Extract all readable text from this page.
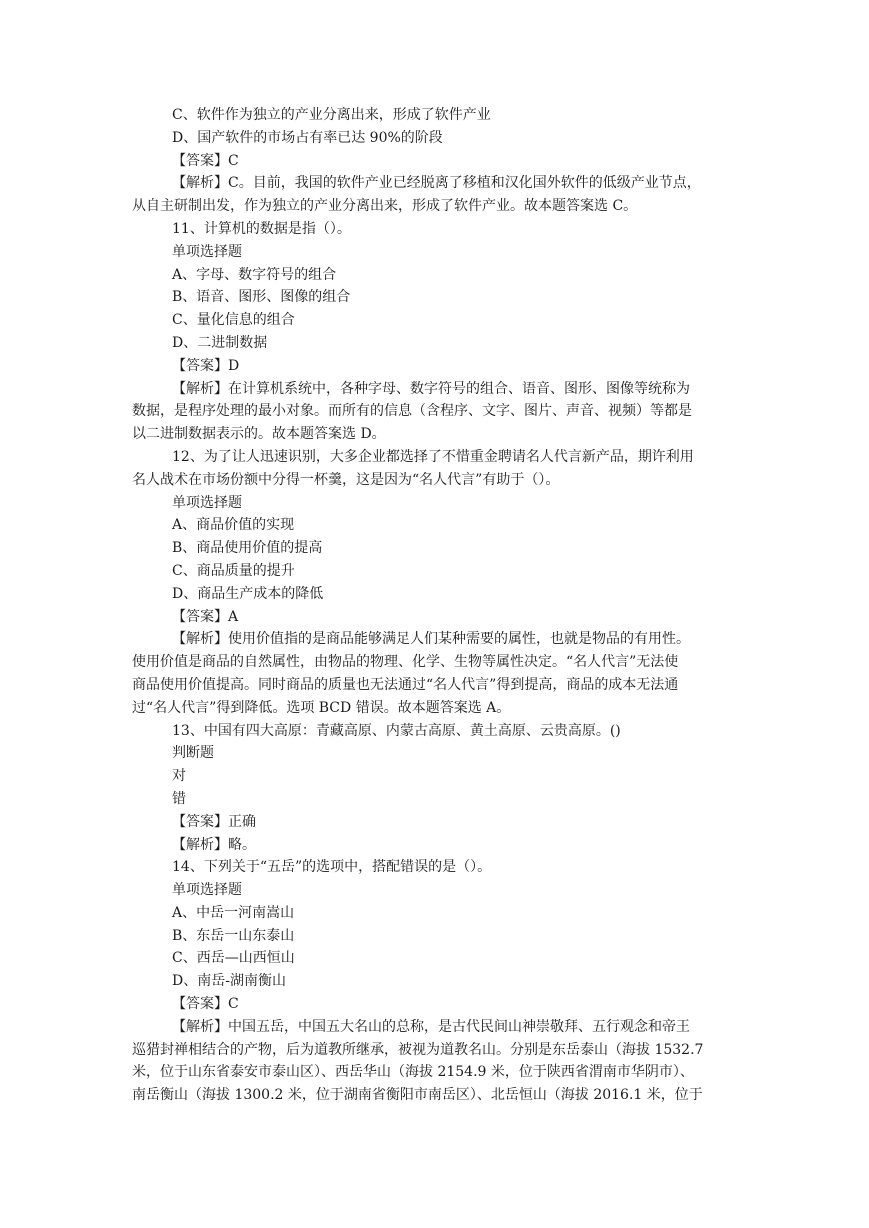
C、软件作为独立的产业分离出来，形成了软件产业

D、国产软件的市场占有率已达 90%的阶段

【答案】C

【解析】C。目前，我国的软件产业已经脱离了移植和汉化国外软件的低级产业节点，

从自主研制出发，作为独立的产业分离出来，形成了软件产业。故本题答案选 C。

11、计算机的数据是指（）。

单项选择题

A、字母、数字符号的组合

B、语音、图形、图像的组合

C、量化信息的组合

D、二进制数据

【答案】D

【解析】在计算机系统中，各种字母、数字符号的组合、语音、图形、图像等统称为

数据，是程序处理的最小对象。而所有的信息（含程序、文字、图片、声音、视频）等都是

以二进制数据表示的。故本题答案选 D。

12、为了让人迅速识别，大多企业都选择了不惜重金聘请名人代言新产品，期许利用

名人战术在市场份额中分得一杯羹，这是因为“名人代言”有助于（）。

单项选择题

A、商品价值的实现

B、商品使用价值的提高

C、商品质量的提升

D、商品生产成本的降低

【答案】A

【解析】使用价值指的是商品能够满足人们某种需要的属性，也就是物品的有用性。

使用价值是商品的自然属性，由物品的物理、化学、生物等属性决定。“名人代言”无法使

商品使用价值提高。同时商品的质量也无法通过“名人代言”得到提高，商品的成本无法通

过“名人代言”得到降低。选项 BCD 错误。故本题答案选 A。

13、中国有四大高原：青藏高原、内蒙古高原、黄土高原、云贵高原。()

判断题

对

错

【答案】正确

【解析】略。

14、下列关于“五岳”的选项中，搭配错误的是（）。

单项选择题

A、中岳一河南嵩山

B、东岳一山东泰山

C、西岳—山西恒山

D、南岳-湖南衡山

【答案】C

【解析】中国五岳，中国五大名山的总称，是古代民间山神崇敬拜、五行观念和帝王

巡猎封禅相结合的产物，后为道教所继承，被视为道教名山。分别是东岳泰山（海拔 1532.7

米，位于山东省泰安市泰山区）、西岳华山（海拔 2154.9 米，位于陕西省渭南市华阴市）、

南岳衡山（海拔 1300.2 米，位于湖南省衡阳市南岳区）、北岳恒山（海拔 2016.1 米，位于
